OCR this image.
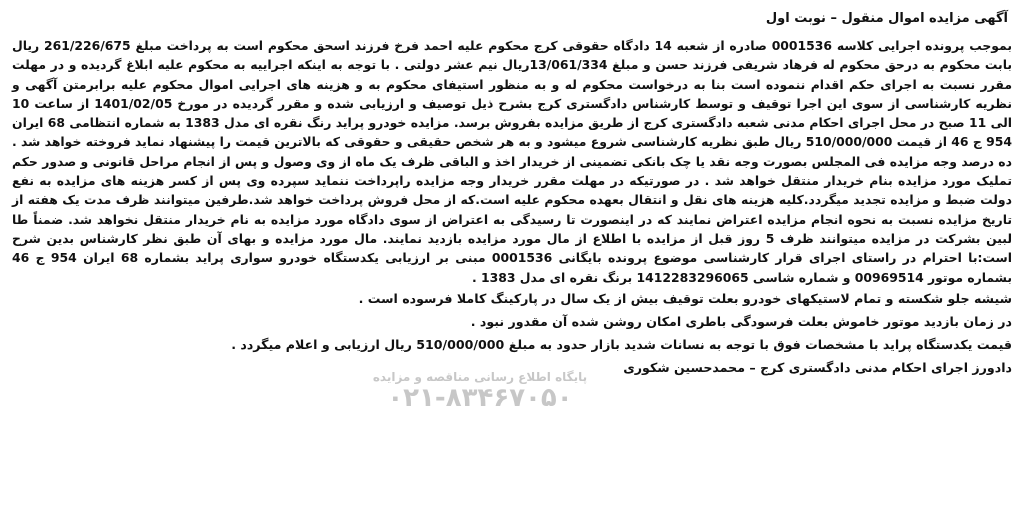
آگهی مزایده اموال منقول – نوبت اول

بموجب پرونده اجرایی کلاسه 0001536 صادره از شعبه 14 دادگاه حقوقی کرج محکوم علیه احمد فرخ فرزند اسحق محکوم است به پرداخت مبلغ 261/226/675 ریال بابت محکوم به درحق محکوم له فرهاد شریفی فرزند حسن و مبلغ 13/061/334ریال نیم عشر دولتی . با توجه به اینکه اجراییه به محکوم علیه ابلاغ گردیده و در مهلت مقرر نسبت به اجرای حکم اقدام ننموده است بنا به درخواست محکوم له و به منظور استیفای محکوم به و هزینه های اجرایی اموال محکوم علیه برابرمتن آگهی و نظریه کارشناسی از سوی این اجرا توقیف و توسط کارشناس دادگستری کرج بشرح ذیل توصیف و ارزیابی شده و مقرر گردیده در مورخ 1401/02/05 از ساعت 10 الی 11 صبح در محل اجرای احکام مدنی شعبه دادگستری کرج از طریق مزایده بفروش برسد. مزایده خودرو پراید رنگ نقره ای مدل 1383 به شماره انتظامی 68 ایران 954 ج 46 از قیمت 510/000/000 ریال طبق نظریه کارشناسی شروع میشود و به هر شخص حقیقی و حقوقی که بالاترین قیمت را پیشنهاد نماید فروخته خواهد شد . ده درصد وجه مزایده فی المجلس بصورت وجه نقد یا چک بانکی تضمینی از خریدار اخذ و الباقی ظرف یک ماه از وی وصول و پس از انجام مراحل قانونی و صدور حکم تملیک مورد مزایده بنام خریدار منتقل خواهد شد . در صورتیکه در مهلت مقرر خریدار وجه مزایده راپرداخت ننماید سپرده وی پس از کسر هزینه های مزایده به نفع دولت ضبط و مزایده تجدید میگردد.کلیه هزینه های نقل و انتقال بعهده محکوم علیه است.که از محل فروش پرداخت خواهد شد.طرفین میتوانند ظرف مدت یک هفته از تاریخ مزایده نسبت به نحوه انجام مزایده اعتراض نمایند که در اینصورت تا رسیدگی به اعتراض از سوی دادگاه مورد مزایده به نام خریدار منتقل نخواهد شد. ضمناً طا لبین بشرکت در مزایده میتوانند ظرف 5 روز قبل از مزایده با اطلاع از مال مورد مزایده بازدید نمایند. مال مورد مزایده و بهای آن طبق نظر کارشناس بدین شرح است:با احترام در راستای اجرای قرار کارشناسی موضوع پرونده بایگانی 0001536 مبنی بر ارزیابی یکدستگاه خودرو سواری پراید بشماره 68 ایران 954 ج 46 بشماره موتور 00969514 و شماره شاسی 1412283296065 برنگ نقره ای مدل 1383 .

شیشه جلو شکسته و تمام لاستیکهای خودرو بعلت توقیف بیش از یک سال در پارکینگ کاملا فرسوده است .

در زمان بازدید موتور خاموش بعلت فرسودگی باطری امکان روشن شده آن مقدور نبود .

قیمت یکدستگاه پراید با مشخصات فوق با توجه به نسانات شدید بازار حدود به مبلغ 510/000/000 ریال ارزیابی و اعلام میگردد .

دادورز اجرای احکام مدنی دادگستری کرج – محمدحسین شکوری
پایگاه اطلاع رسانی مناقصه و مزایده
۰۲۱-۸۳۴۶۷۰۵۰
